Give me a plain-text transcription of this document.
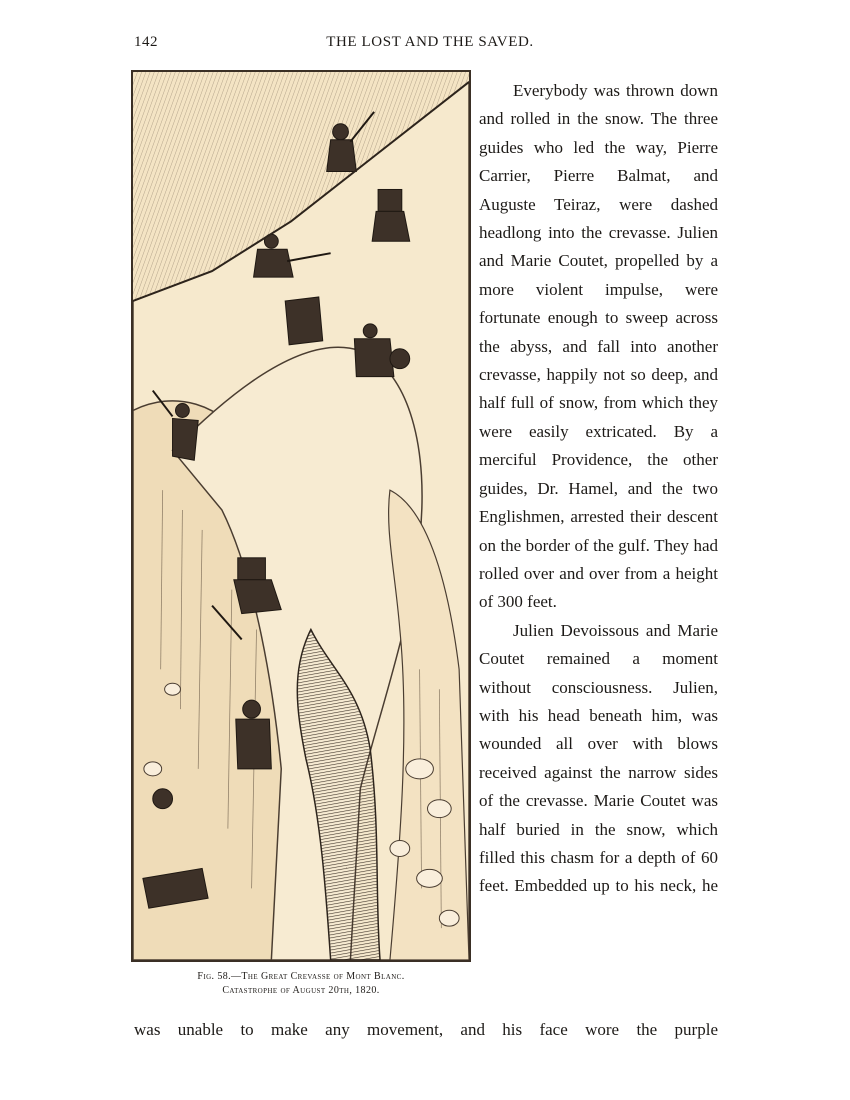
142	THE LOST AND THE SAVED.
Fig. 58.—The Great Crevasse of Mont Blanc.
Catastrophe of August 20th, 1820.

Everybody was thrown down and rolled in the snow. The three guides who led the way, Pierre Carrier, Pierre Balmat, and Auguste Teiraz, were dashed headlong into the crevasse. Julien and Marie Coutet, propelled by a more violent impulse, were fortunate enough to sweep across the abyss, and fall into another crevasse, happily not so deep, and half full of snow, from which they were easily extricated. By a merciful Providence, the other guides, Dr. Hamel, and the two Englishmen, arrested their descent on the border of the gulf. They had rolled over and over from a height of 300 feet.

Julien Devoissous and Marie Coutet remained a moment without consciousness. Julien, with his head beneath him, was wounded all over with blows received against the narrow sides of the crevasse. Marie Coutet was half buried in the snow, which filled this chasm for a depth of 60 feet. Embedded up to his neck, he

was unable to make any movement, and his face wore the purple
